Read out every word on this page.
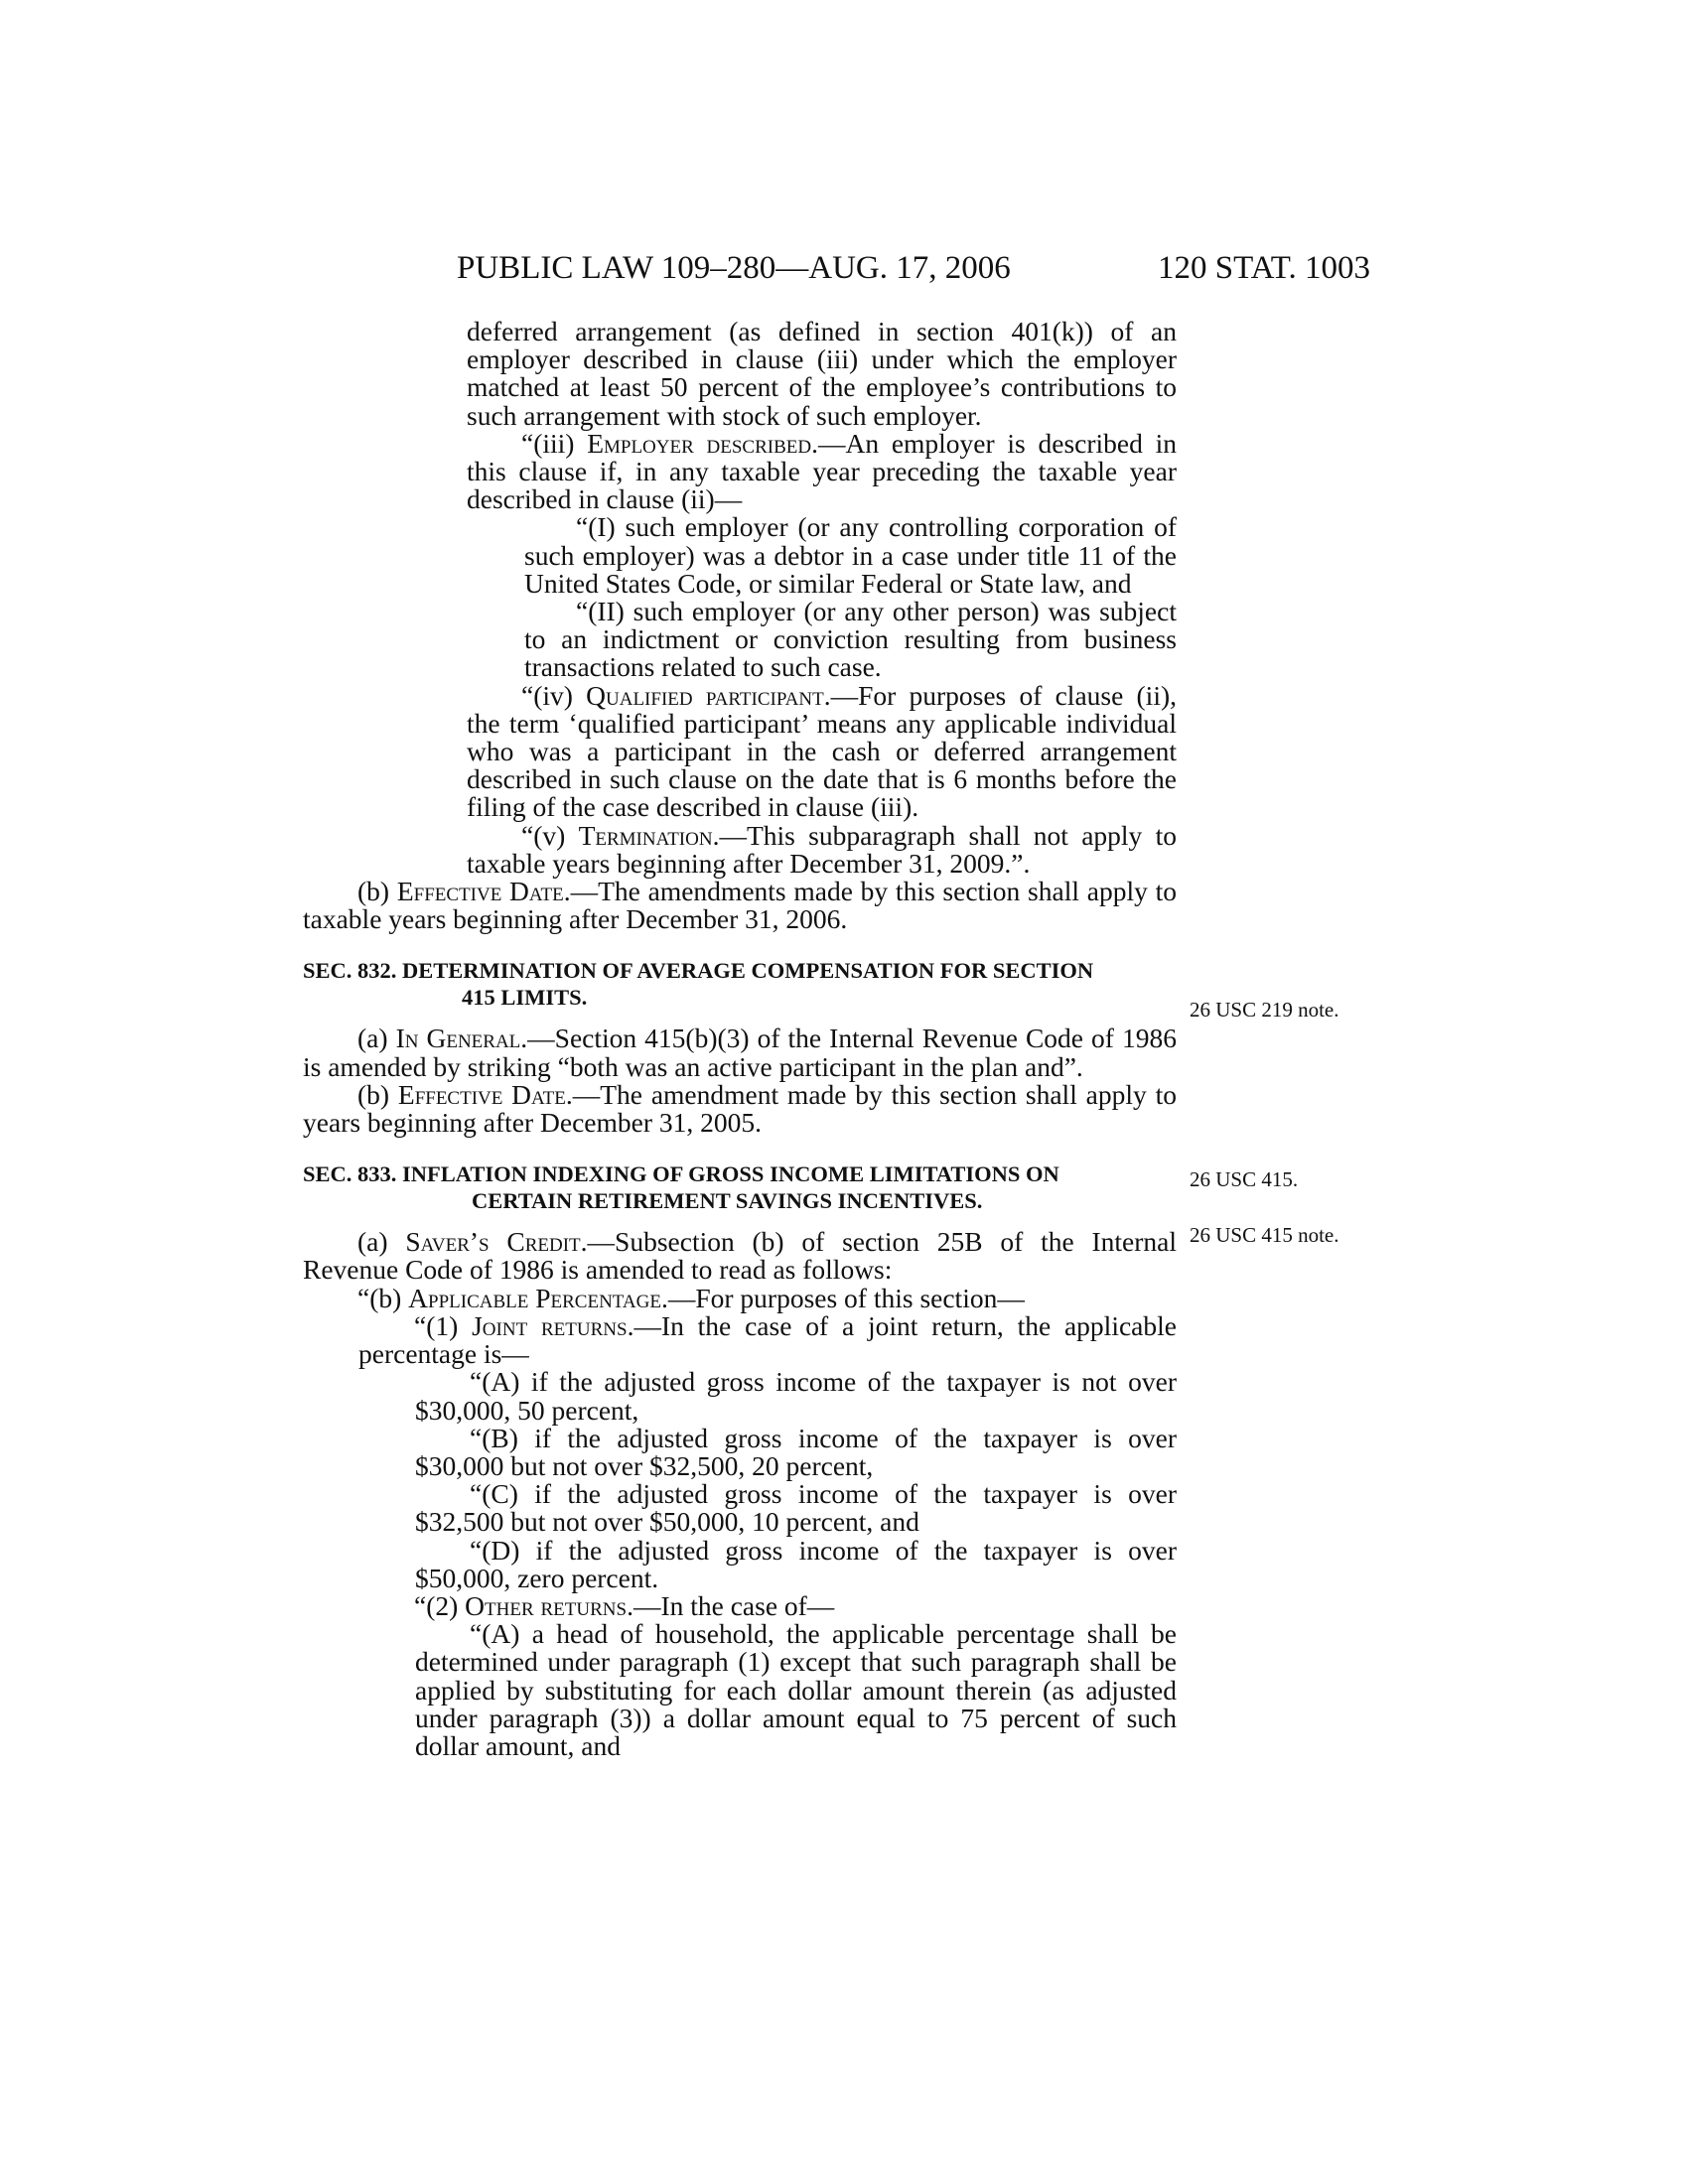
PUBLIC LAW 109–280—AUG. 17, 2006	120 STAT. 1003
26 USC 219 note.
26 USC 415.
26 USC 415 note.

deferred arrangement (as defined in section 401(k)) of an employer described in clause (iii) under which the employer matched at least 50 percent of the employee’s contributions to such arrangement with stock of such employer.

“(iii) Employer described.—An employer is described in this clause if, in any taxable year preceding the taxable year described in clause (ii)—

“(I) such employer (or any controlling corporation of such employer) was a debtor in a case under title 11 of the United States Code, or similar Federal or State law, and

“(II) such employer (or any other person) was subject to an indictment or conviction resulting from business transactions related to such case.

“(iv) Qualified participant.—For purposes of clause (ii), the term ‘qualified participant’ means any applicable individual who was a participant in the cash or deferred arrangement described in such clause on the date that is 6 months before the filing of the case described in clause (iii).

“(v) Termination.—This subparagraph shall not apply to taxable years beginning after December 31, 2009.”.

(b) Effective Date.—The amendments made by this section shall apply to taxable years beginning after December 31, 2006.

SEC. 832. DETERMINATION OF AVERAGE COMPENSATION FOR SECTION
415 LIMITS.

(a) In General.—Section 415(b)(3) of the Internal Revenue Code of 1986 is amended by striking “both was an active participant in the plan and”.

(b) Effective Date.—The amendment made by this section shall apply to years beginning after December 31, 2005.

SEC. 833. INFLATION INDEXING OF GROSS INCOME LIMITATIONS ON
CERTAIN RETIREMENT SAVINGS INCENTIVES.

(a) Saver’s Credit.—Subsection (b) of section 25B of the Internal Revenue Code of 1986 is amended to read as follows:

“(b) Applicable Percentage.—For purposes of this section—

“(1) Joint returns.—In the case of a joint return, the applicable percentage is—

“(A) if the adjusted gross income of the taxpayer is not over $30,000, 50 percent,

“(B) if the adjusted gross income of the taxpayer is over $30,000 but not over $32,500, 20 percent,

“(C) if the adjusted gross income of the taxpayer is over $32,500 but not over $50,000, 10 percent, and

“(D) if the adjusted gross income of the taxpayer is over $50,000, zero percent.

“(2) Other returns.—In the case of—

“(A) a head of household, the applicable percentage shall be determined under paragraph (1) except that such paragraph shall be applied by substituting for each dollar amount therein (as adjusted under paragraph (3)) a dollar amount equal to 75 percent of such dollar amount, and
